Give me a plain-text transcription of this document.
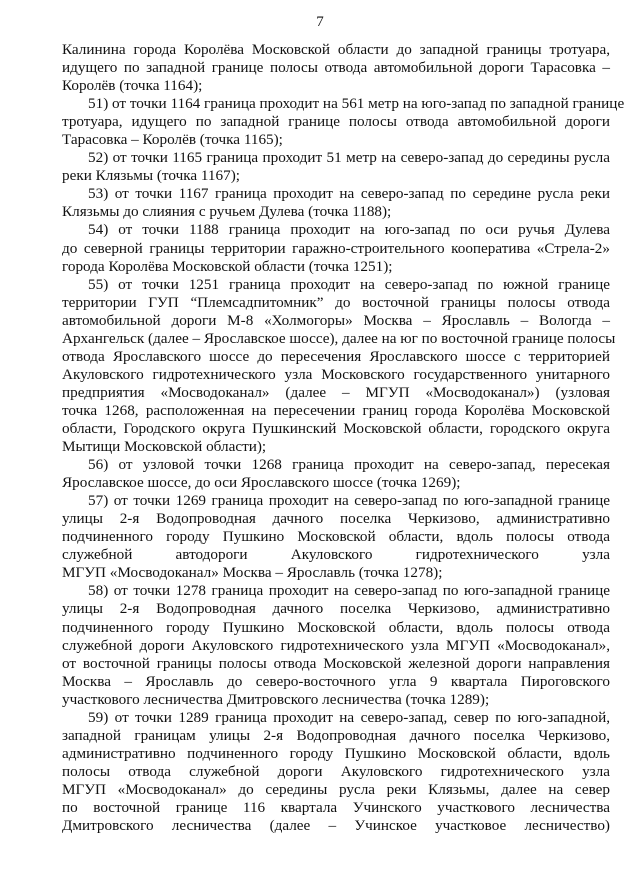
7
Калинина города Королёва Московской области до западной границы тротуара,
идущего по западной границе полосы отвода автомобильной дороги Тарасовка –
Королёв (точка 1164);
51) от точки 1164 граница проходит на 561 метр на юго-запад по западной границе
тротуара, идущего по западной границе полосы отвода автомобильной дороги
Тарасовка – Королёв (точка 1165);
52) от точки 1165 граница проходит 51 метр на северо-запад до середины русла
реки Клязьмы (точка 1167);
53) от точки 1167 граница проходит на северо-запад по середине русла реки
Клязьмы до слияния с ручьем Дулева (точка 1188);
54) от точки 1188 граница проходит на юго-запад по оси ручья Дулева
до северной границы территории гаражно-строительного кооператива «Стрела-2»
города Королёва Московской области (точка 1251);
55) от точки 1251 граница проходит на северо-запад по южной границе
территории ГУП “Племсадпитомник” до восточной границы полосы отвода
автомобильной дороги М-8 «Холмогоры» Москва – Ярославль – Вологда –
Архангельск (далее – Ярославское шоссе), далее на юг по восточной границе полосы
отвода Ярославского шоссе до пересечения Ярославского шоссе с территорией
Акуловского гидротехнического узла Московского государственного унитарного
предприятия «Мосводоканал» (далее – МГУП «Мосводоканал») (узловая
точка 1268, расположенная на пересечении границ города Королёва Московской
области, Городского округа Пушкинский Московской области, городского округа
Мытищи Московской области);
56) от узловой точки 1268 граница проходит на северо-запад, пересекая
Ярославское шоссе, до оси Ярославского шоссе (точка 1269);
57) от точки 1269 граница проходит на северо-запад по юго-западной границе
улицы 2-я Водопроводная дачного поселка Черкизово, административно
подчиненного городу Пушкино Московской области, вдоль полосы отвода
служебной автодороги Акуловского гидротехнического узла
МГУП «Мосводоканал» Москва – Ярославль (точка 1278);
58) от точки 1278 граница проходит на северо-запад по юго-западной границе
улицы 2-я Водопроводная дачного поселка Черкизово, административно
подчиненного городу Пушкино Московской области, вдоль полосы отвода
служебной дороги Акуловского гидротехнического узла МГУП «Мосводоканал»,
от восточной границы полосы отвода Московской железной дороги направления
Москва – Ярославль до северо-восточного угла 9 квартала Пироговского
участкового лесничества Дмитровского лесничества (точка 1289);
59) от точки 1289 граница проходит на северо-запад, север по юго-западной,
западной границам улицы 2-я Водопроводная дачного поселка Черкизово,
административно подчиненного городу Пушкино Московской области, вдоль
полосы отвода служебной дороги Акуловского гидротехнического узла
МГУП «Мосводоканал» до середины русла реки Клязьмы, далее на север
по восточной границе 116 квартала Учинского участкового лесничества
Дмитровского лесничества (далее – Учинское участковое лесничество)
